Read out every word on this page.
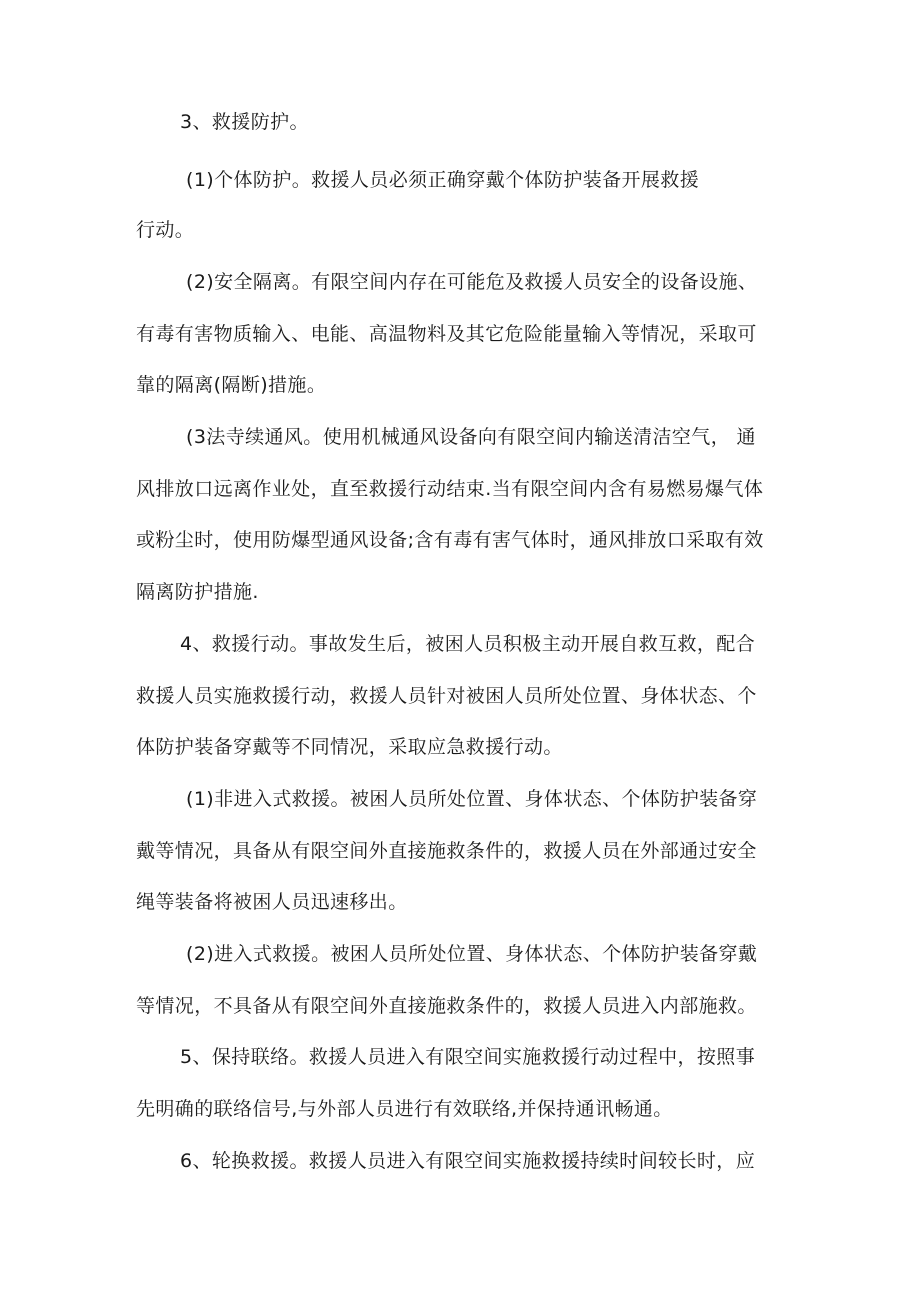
3、救援防护。
(1)个体防护。救援人员必须正确穿戴个体防护装备开展救援
行动。
(2)安全隔离。有限空间内存在可能危及救援人员安全的设备设施、
有毒有害物质输入、电能、高温物料及其它危险能量输入等情况，采取可
靠的隔离(隔断)措施。
(3法寺续通风。使用机械通风设备向有限空间内输送清洁空气， 通
风排放口远离作业处，直至救援行动结束.当有限空间内含有易燃易爆气体
或粉尘时，使用防爆型通风设备;含有毒有害气体时，通风排放口采取有效
隔离防护措施.
4、救援行动。事故发生后，被困人员积极主动开展自救互救，配合
救援人员实施救援行动，救援人员针对被困人员所处位置、身体状态、个
体防护装备穿戴等不同情况，采取应急救援行动。
(1)非进入式救援。被困人员所处位置、身体状态、个体防护装备穿
戴等情况，具备从有限空间外直接施救条件的，救援人员在外部通过安全
绳等装备将被困人员迅速移出。
(2)进入式救援。被困人员所处位置、身体状态、个体防护装备穿戴
等情况，不具备从有限空间外直接施救条件的，救援人员进入内部施救。
5、保持联络。救援人员进入有限空间实施救援行动过程中，按照事
先明确的联络信号,与外部人员进行有效联络,并保持通讯畅通。
6、轮换救援。救援人员进入有限空间实施救援持续时间较长时，应
